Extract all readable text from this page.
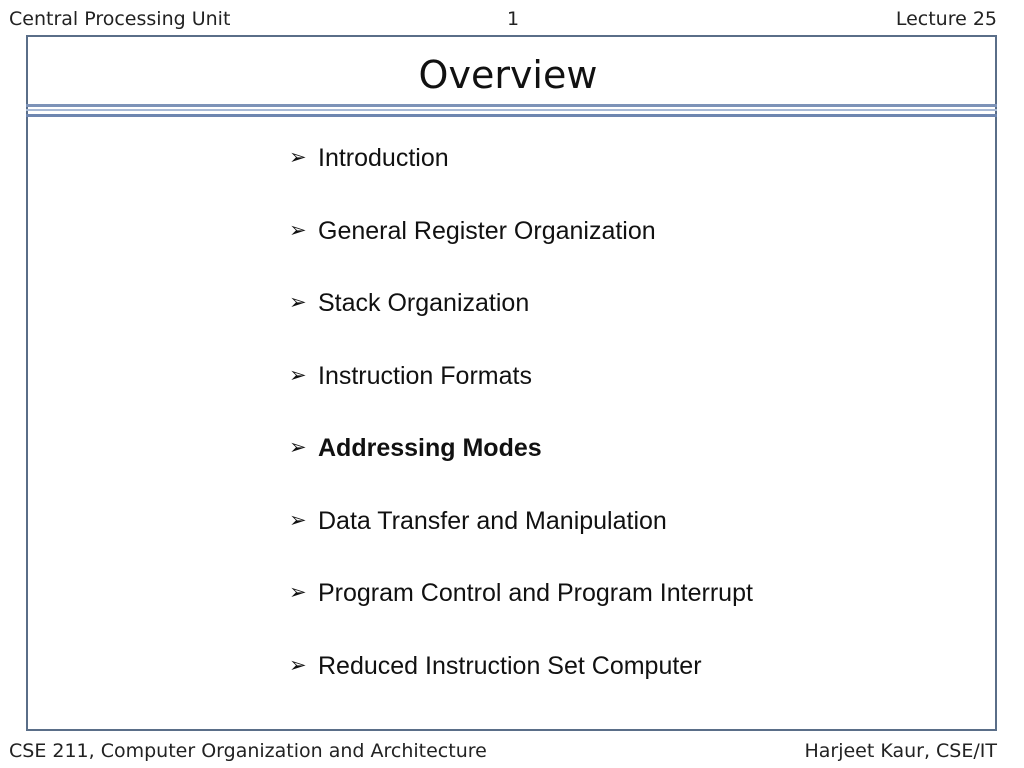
Central Processing Unit	1	Lecture 25
Overview
➢ Introduction
➢ General Register Organization
➢ Stack Organization
➢ Instruction Formats
➢ Addressing Modes
➢ Data Transfer and Manipulation
➢ Program Control and Program Interrupt
➢ Reduced Instruction Set Computer
CSE 211, Computer Organization and Architecture	Harjeet Kaur, CSE/IT
